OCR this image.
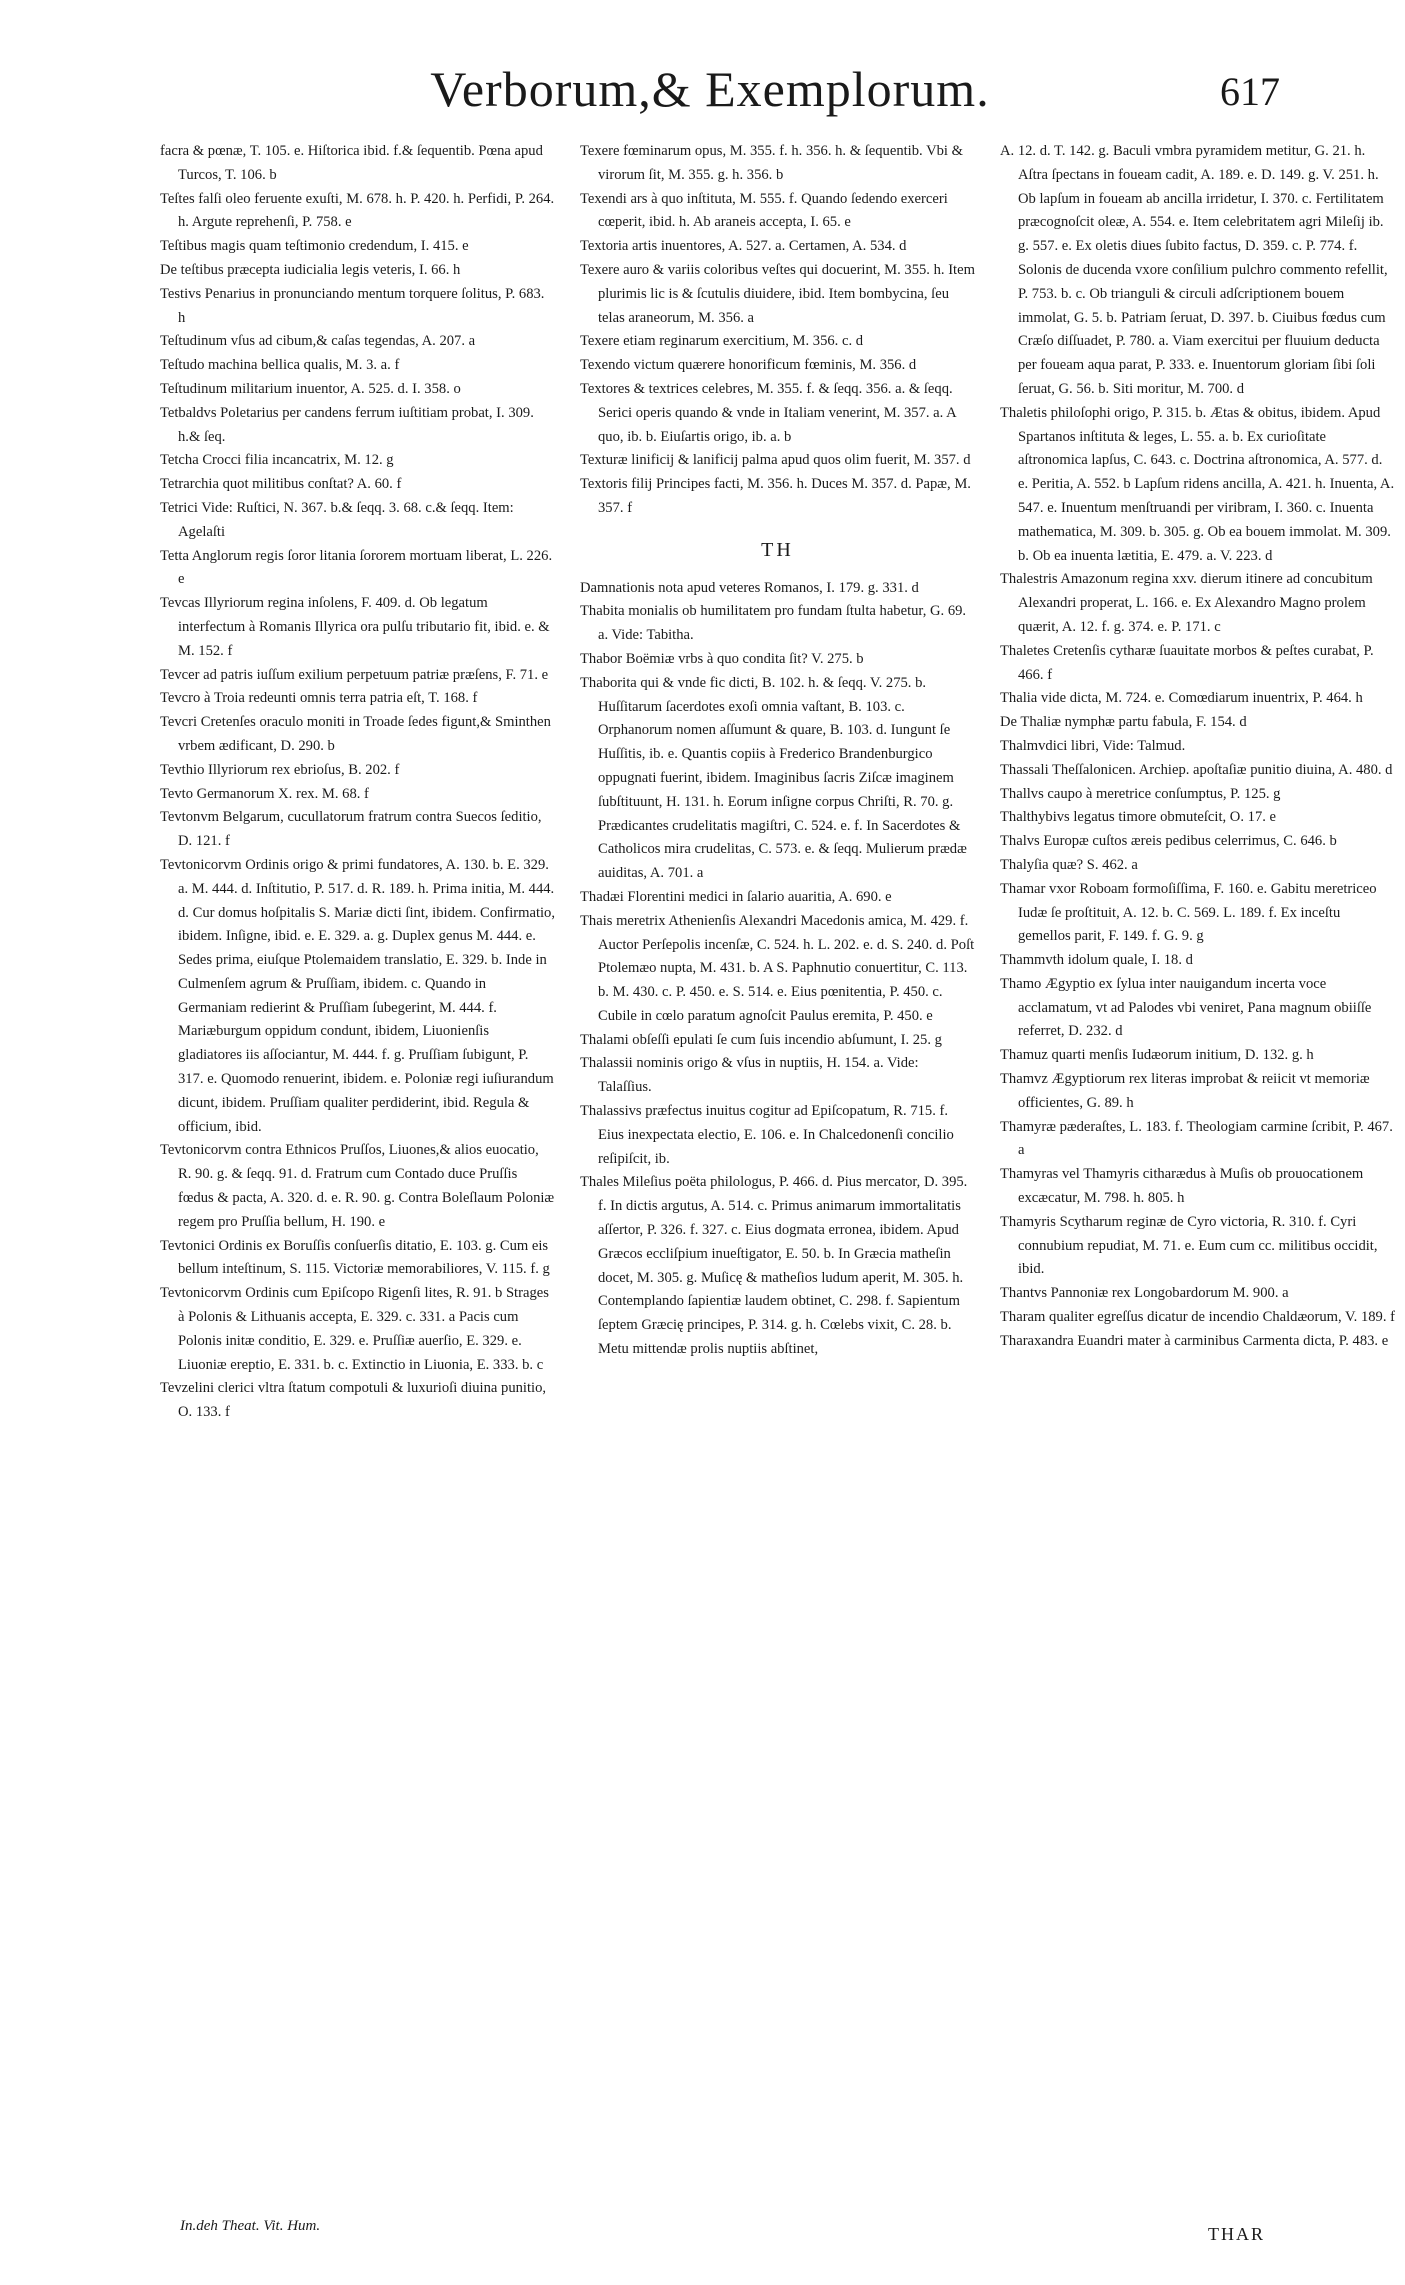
Verborum,& Exemplorum.	617

facra & pœnæ, T. 105. e. Hiſtorica ibid. f.& ſequentib. Pœna apud Turcos, T. 106. b

Teſtes falſi oleo feruente exuſti, M. 678. h. P. 420. h. Perfidi, P. 264. h. Argute reprehenſi, P. 758. e

Teſtibus magis quam teſtimonio credendum, I. 415. e

De teſtibus præcepta iudicialia legis veteris, I. 66. h

Testivs Penarius in pronunciando mentum torquere ſolitus, P. 683. h

Teſtudinum vſus ad cibum,& caſas tegendas, A. 207. a

Teſtudo machina bellica qualis, M. 3. a. f

Teſtudinum militarium inuentor, A. 525. d. I. 358. o

Tetbaldvs Poletarius per candens ferrum iuſtitiam probat, I. 309. h.& ſeq.

Tetcha Crocci filia incancatrix, M. 12. g

Tetrarchia quot militibus conſtat? A. 60. f

Tetrici Vide: Ruſtici, N. 367. b.& ſeqq. 3. 68. c.& ſeqq. Item: Agelaſti

Tetta Anglorum regis ſoror litania ſororem mortuam liberat, L. 226. e

Tevcas Illyriorum regina inſolens, F. 409. d. Ob legatum interfectum à Romanis Illyrica ora pulſu tributario fit, ibid. e. & M. 152. f

Tevcer ad patris iuſſum exilium perpetuum patriæ præſens, F. 71. e

Tevcro à Troia redeunti omnis terra patria eſt, T. 168. f

Tevcri Cretenſes oraculo moniti in Troade ſedes figunt,& Sminthen vrbem ædificant, D. 290. b

Tevthio Illyriorum rex ebrioſus, B. 202. f

Tevto Germanorum X. rex. M. 68. f

Tevtonvm Belgarum, cucullatorum fratrum contra Suecos ſeditio, D. 121. f

Tevtonicorvm Ordinis origo & primi fundatores, A. 130. b. E. 329. a. M. 444. d. Inſtitutio, P. 517. d. R. 189. h. Prima initia, M. 444. d. Cur domus hoſpitalis S. Mariæ dicti ſint, ibidem. Confirmatio, ibidem. Inſigne, ibid. e. E. 329. a. g. Duplex genus M. 444. e. Sedes prima, eiuſque Ptolemaidem translatio, E. 329. b. Inde in Culmenſem agrum & Pruſſiam, ibidem. c. Quando in Germaniam redierint & Pruſſiam ſubegerint, M. 444. f. Mariæburgum oppidum condunt, ibidem, Liuonienſis gladiatores iis aſſociantur, M. 444. f. g. Pruſſiam ſubigunt, P. 317. e. Quomodo renuerint, ibidem. e. Poloniæ regi iuſiurandum dicunt, ibidem. Pruſſiam qualiter perdiderint, ibid. Regula & officium, ibid.

Tevtonicorvm contra Ethnicos Pruſſos, Liuones,& alios euocatio, R. 90. g. & ſeqq. 91. d. Fratrum cum Contado duce Pruſſis fœdus & pacta, A. 320. d. e. R. 90. g. Contra Boleſlaum Poloniæ regem pro Pruſſia bellum, H. 190. e

Tevtonici Ordinis ex Boruſſis conſuerſis ditatio, E. 103. g. Cum eis bellum inteſtinum, S. 115. Victoriæ memorabiliores, V. 115. f. g

Tevtonicorvm Ordinis cum Epiſcopo Rigenſi lites, R. 91. b Strages à Polonis & Lithuanis accepta, E. 329. c. 331. a Pacis cum Polonis initæ conditio, E. 329. e. Pruſſiæ auerſio, E. 329. e. Liuoniæ ereptio, E. 331. b. c. Extinctio in Liuonia, E. 333. b. c

Tevzelini clerici vltra ſtatum compotuli & luxurioſi diuina punitio, O. 133. f

Texere fœminarum opus, M. 355. f. h. 356. h. & ſequentib. Vbi & virorum ſit, M. 355. g. h. 356. b

Texendi ars à quo inſtituta, M. 555. f. Quando ſedendo exerceri cœperit, ibid. h. Ab araneis accepta, I. 65. e

Textoria artis inuentores, A. 527. a. Certamen, A. 534. d

Texere auro & variis coloribus veſtes qui docuerint, M. 355. h. Item plurimis lic is & ſcutulis diuidere, ibid. Item bombycina, ſeu telas araneorum, M. 356. a

Texere etiam reginarum exercitium, M. 356. c. d

Texendo victum quærere honorificum fœminis, M. 356. d

Textores & textrices celebres, M. 355. f. & ſeqq. 356. a. & ſeqq. Serici operis quando & vnde in Italiam venerint, M. 357. a. A quo, ib. b. Eiuſartis origo, ib. a. b

Texturæ linificij & lanificij palma apud quos olim fuerit, M. 357. d

Textoris filij Principes facti, M. 356. h. Duces M. 357. d. Papæ, M. 357. f

TH

Damnationis nota apud veteres Romanos, I. 179. g. 331. d

Thabita monialis ob humilitatem pro fundam ſtulta habetur, G. 69. a. Vide: Tabitha.

Thabor Boëmiæ vrbs à quo condita ſit? V. 275. b

Thaborita qui & vnde fic dicti, B. 102. h. & ſeqq. V. 275. b. Huſſitarum ſacerdotes exoſi omnia vaſtant, B. 103. c. Orphanorum nomen aſſumunt & quare, B. 103. d. Iungunt ſe Huſſitis, ib. e. Quantis copiis à Frederico Brandenburgico oppugnati fuerint, ibidem. Imaginibus ſacris Ziſcæ imaginem ſubſtituunt, H. 131. h. Eorum inſigne corpus Chriſti, R. 70. g. Prædicantes crudelitatis magiſtri, C. 524. e. f. In Sacerdotes & Catholicos mira crudelitas, C. 573. e. & ſeqq. Mulierum prædæ auiditas, A. 701. a

Thadæi Florentini medici in ſalario auaritia, A. 690. e

Thais meretrix Athenienſis Alexandri Macedonis amica, M. 429. f. Auctor Perſepolis incenſæ, C. 524. h. L. 202. e. d. S. 240. d. Poſt Ptolemæo nupta, M. 431. b. A S. Paphnutio conuertitur, C. 113. b. M. 430. c. P. 450. e. S. 514. e. Eius pœnitentia, P. 450. c. Cubile in cœlo paratum agnoſcit Paulus eremita, P. 450. e

Thalami obſeſſi epulati ſe cum ſuis incendio abſumunt, I. 25. g

Thalassii nominis origo & vſus in nuptiis, H. 154. a. Vide: Talaſſius.

Thalassivs præfectus inuitus cogitur ad Epiſcopatum, R. 715. f. Eius inexpectata electio, E. 106. e. In Chalcedonenſi concilio reſipiſcit, ib.

Thales Mileſius poëta philologus, P. 466. d. Pius mercator, D. 395. f. In dictis argutus, A. 514. c. Primus animarum immortalitatis aſſertor, P. 326. f. 327. c. Eius dogmata erronea, ibidem. Apud Græcos eccliſpium inueſtigator, E. 50. b. In Græcia matheſin docet, M. 305. g. Muſicę & matheſios ludum aperit, M. 305. h. Contemplando ſapientiæ laudem obtinet, C. 298. f. Sapientum ſeptem Græcię principes, P. 314. g. h. Cœlebs vixit, C. 28. b. Metu mittendæ prolis nuptiis abſtinet,

A. 12. d. T. 142. g. Baculi vmbra pyramidem metitur, G. 21. h. Aſtra ſpectans in foueam cadit, A. 189. e. D. 149. g. V. 251. h. Ob lapſum in foueam ab ancilla irridetur, I. 370. c. Fertilitatem præcognoſcit oleæ, A. 554. e. Item celebritatem agri Mileſij ib. g. 557. e. Ex oletis diues ſubito factus, D. 359. c. P. 774. f. Solonis de ducenda vxore conſilium pulchro commento refellit, P. 753. b. c. Ob trianguli & circuli adſcriptionem bouem immolat, G. 5. b. Patriam ſeruat, D. 397. b. Ciuibus fœdus cum Cræſo diſſuadet, P. 780. a. Viam exercitui per fluuium deducta per foueam aqua parat, P. 333. e. Inuentorum gloriam ſibi ſoli ſeruat, G. 56. b. Siti moritur, M. 700. d

Thaletis philoſophi origo, P. 315. b. Ætas & obitus, ibidem. Apud Spartanos inſtituta & leges, L. 55. a. b. Ex curioſitate aſtronomica lapſus, C. 643. c. Doctrina aſtronomica, A. 577. d. e. Peritia, A. 552. b Lapſum ridens ancilla, A. 421. h. Inuenta, A. 547. e. Inuentum menſtruandi per viribram, I. 360. c. Inuenta mathematica, M. 309. b. 305. g. Ob ea bouem immolat. M. 309. b. Ob ea inuenta lætitia, E. 479. a. V. 223. d

Thalestris Amazonum regina xxv. dierum itinere ad concubitum Alexandri properat, L. 166. e. Ex Alexandro Magno prolem quærit, A. 12. f. g. 374. e. P. 171. c

Thaletes Cretenſis cytharæ ſuauitate morbos & peſtes curabat, P. 466. f

Thalia vide dicta, M. 724. e. Comœdiarum inuentrix, P. 464. h

De Thaliæ nymphæ partu fabula, F. 154. d

Thalmvdici libri, Vide: Talmud.

Thassali Theſſalonicen. Archiep. apoſtaſiæ punitio diuina, A. 480. d

Thallvs caupo à meretrice conſumptus, P. 125. g

Thalthybivs legatus timore obmuteſcit, O. 17. e

Thalvs Europæ cuſtos æreis pedibus celerrimus, C. 646. b

Thalyſia quæ? S. 462. a

Thamar vxor Roboam formoſiſſima, F. 160. e. Gabitu meretriceo Iudæ ſe proſtituit, A. 12. b. C. 569. L. 189. f. Ex inceſtu gemellos parit, F. 149. f. G. 9. g

Thammvth idolum quale, I. 18. d

Thamo Ægyptio ex ſylua inter nauigandum incerta voce acclamatum, vt ad Palodes vbi veniret, Pana magnum obiiſſe referret, D. 232. d

Thamuz quarti menſis Iudæorum initium, D. 132. g. h

Thamvz Ægyptiorum rex literas improbat & reiicit vt memoriæ officientes, G. 89. h

Thamyræ pæderaſtes, L. 183. f. Theologiam carmine ſcribit, P. 467. a

Thamyras vel Thamyris citharædus à Muſis ob prouocationem excæcatur, M. 798. h. 805. h

Thamyris Scytharum reginæ de Cyro victoria, R. 310. f. Cyri connubium repudiat, M. 71. e. Eum cum cc. militibus occidit, ibid.

Thantvs Pannoniæ rex Longobardorum M. 900. a

Tharam qualiter egreſſus dicatur de incendio Chaldæorum, V. 189. f

Tharaxandra Euandri mater à carminibus Carmenta dicta, P. 483. e

In.deh Theat. Vit. Hum.	THAR
